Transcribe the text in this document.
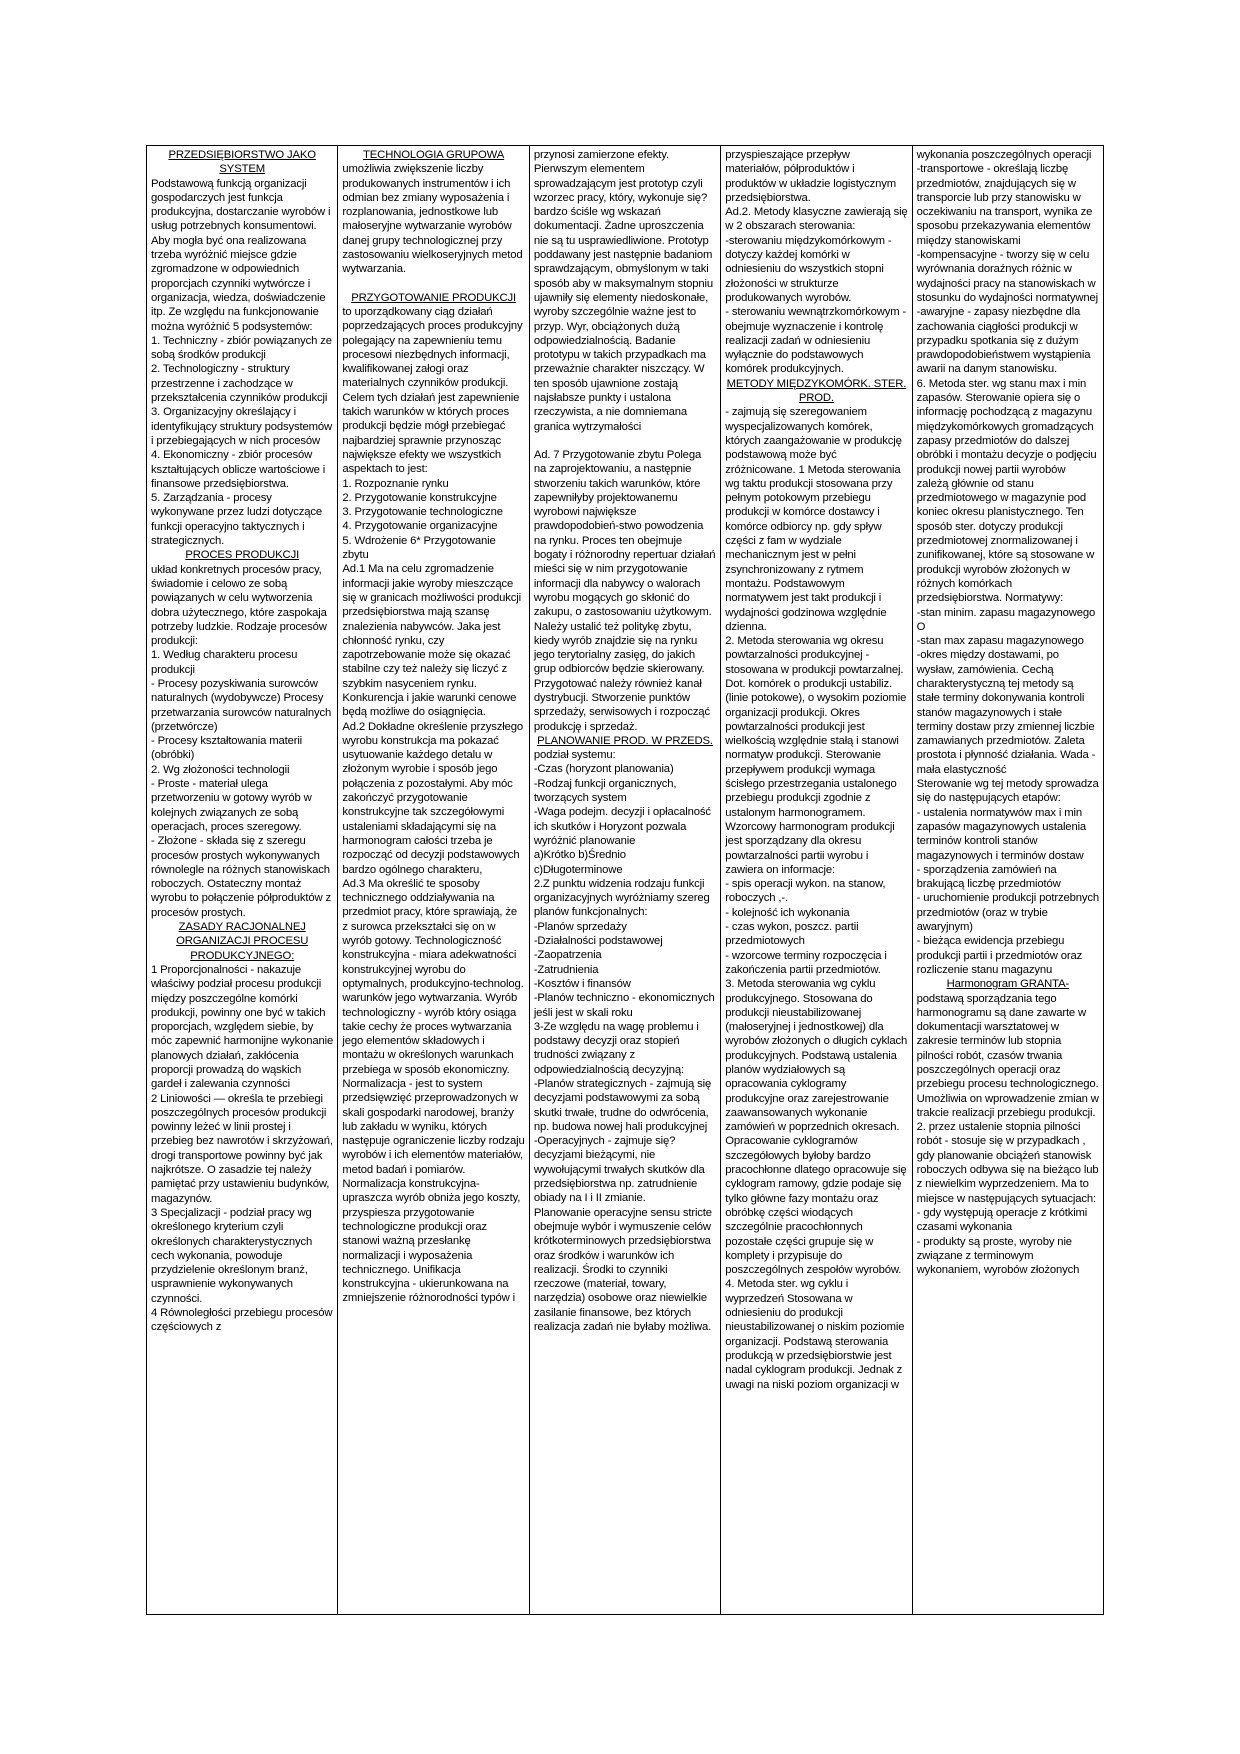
PRZEDSIĘBIORSTWO JAKO SYSTEM

Podstawową funkcją organizacji gospodarczych jest funkcja produkcyjna, dostarczanie wyrobów i usług potrzebnych konsumentowi. Aby mogła być ona realizowana trzeba wyróżnić miejsce gdzie zgromadzone w odpowiednich proporcjach czynniki wytwórcze i organizacja, wiedza, doświadczenie itp. Ze względu na funkcjonowanie można wyróżnić 5 podsystemów:

1. Techniczny - zbiór powiązanych ze sobą środków produkcji

2. Technologiczny - struktury przestrzenne i zachodzące w przekształcenia czynników produkcji

3. Organizacyjny określający i identyfikujący struktury podsystemów i przebiegających w nich procesów

4. Ekonomiczny - zbiór procesów kształtujących oblicze wartościowe i finansowe przedsiębiorstwa.

5. Zarządzania - procesy wykonywane przez ludzi dotyczące funkcji operacyjno taktycznych i strategicznych.

PROCES PRODUKCJI

układ konkretnych procesów pracy, świadomie i celowo ze sobą powiązanych w celu wytworzenia dobra użytecznego, które zaspokaja potrzeby ludzkie. Rodzaje procesów produkcji:

1. Według charakteru procesu produkcji

- Procesy pozyskiwania surowców naturalnych (wydobywcze) Procesy przetwarzania surowców naturalnych (przetwórcze)

- Procesy kształtowania materii (obróbki)

2. Wg złożoności technologii

- Proste - materiał ulega przetworzeniu w gotowy wyrób w kolejnych związanych ze sobą operacjach, proces szeregowy.

- Złożone - składa się z szeregu procesów prostych wykonywanych równolegle na różnych stanowiskach roboczych. Ostateczny montaż wyrobu to połączenie półproduktów z procesów prostych.

ZASADY RACJONALNEJ ORGANIZACJI PROCESU PRODUKCYJNEGO:

1 Proporcjonalności - nakazuje właściwy podział procesu produkcji między poszczególne komórki produkcji, powinny one być w takich proporcjach, względem siebie, by móc zapewnić harmonijne wykonanie planowych działań, zakłócenia proporcji prowadzą do wąskich gardeł i zalewania czynności

2 Liniowości — określa te przebiegi poszczególnych procesów produkcji powinny leżeć w linii prostej i przebieg bez nawrotów i skrzyżowań, drogi transportowe powinny być jak najkrótsze. O zasadzie tej należy pamiętać przy ustawieniu budynków, magazynów.

3 Specjalizacji - podział pracy wg określonego kryterium czyli określonych charakterystycznych cech wykonania, powoduje przydzielenie określonym branż, usprawnienie wykonywanych czynności.

4 Równoległości przebiegu procesów częściowych z

TECHNOLOGIA GRUPOWA

umożliwia zwiększenie liczby produkowanych instrumentów i ich odmian bez zmiany wyposażenia i rozplanowania, jednostkowe lub małoseryjne wytwarzanie wyrobów danej grupy technologicznej przy zastosowaniu wielkoseryjnych metod wytwarzania.

PRZYGOTOWANIE PRODUKCJI

to uporządkowany ciąg działań poprzedzających proces produkcyjny polegający na zapewnieniu temu procesowi niezbędnych informacji, kwalifikowanej załogi oraz materialnych czynników produkcji. Celem tych działań jest zapewnienie takich warunków w których proces produkcji będzie mógł przebiegać najbardziej sprawnie przynosząc największe efekty we wszystkich aspektach to jest:

1. Rozpoznanie rynku

2. Przygotowanie konstrukcyjne

3. Przygotowanie technologiczne

4. Przygotowanie organizacyjne

5. Wdrożenie 6* Przygotowanie zbytu

Ad.1 Ma na celu zgromadzenie informacji jakie wyroby mieszczące się w granicach możliwości produkcji przedsiębiorstwa mają szansę znalezienia nabywców. Jaka jest chłonność rynku, czy zapotrzebowanie może się okazać stabilne czy też należy się liczyć z szybkim nasyceniem rynku. Konkurencja i jakie warunki cenowe będą możliwe do osiągnięcia.

Ad.2 Dokładne określenie przyszłego wyrobu konstrukcja ma pokazać usytuowanie każdego detalu w złożonym wyrobie i sposób jego połączenia z pozostałymi. Aby móc zakończyć przygotowanie konstrukcyjne tak szczegółowymi ustaleniami składającymi się na harmonogram całości trzeba je rozpocząć od decyzji podstawowych bardzo ogólnego charakteru,

Ad.3 Ma określić te sposoby technicznego oddziaływania na przedmiot pracy, które sprawiają, że z surowca przekształci się on w wyrób gotowy. Technologiczność konstrukcyjna - miara adekwatności konstrukcyjnej wyrobu do optymalnych, produkcyjno-technolog. warunków jego wytwarzania. Wyrób technologiczny - wyrób który osiąga takie cechy że proces wytwarzania jego elementów składowych i montażu w określonych warunkach przebiega w sposób ekonomiczny. Normalizacja - jest to system przedsięwzięć przeprowadzonych w skali gospodarki narodowej, branży lub zakładu w wyniku, których następuje ograniczenie liczby rodzaju wyrobów i ich elementów materiałów, metod badań i pomiarów. Normalizacja konstrukcyjna- upraszcza wyrób obniża jego koszty, przyspiesza przygotowanie technologiczne produkcji oraz stanowi ważną przesłankę normalizacji i wyposażenia technicznego. Unifikacja konstrukcyjna - ukierunkowana na zmniejszenie różnorodności typów i

przynosi zamierzone efekty. Pierwszym elementem sprowadzającym jest prototyp czyli wzorzec pracy, który, wykonuje się? bardzo ściśle wg wskazań dokumentacji. Żadne uproszczenia nie są tu usprawiedliwione. Prototyp poddawany jest następnie badaniom sprawdzającym, obmyślonym w taki sposób aby w maksymalnym stopniu ujawniły się elementy niedoskonałe, wyroby szczególnie ważne jest to przyp. Wyr, obciążonych dużą odpowiedzialnością. Badanie prototypu w takich przypadkach ma przeważnie charakter niszczący. W ten sposób ujawnione zostają najsłabsze punkty i ustalona rzeczywista, a nie domniemana granica wytrzymałości

Ad. 7 Przygotowanie zbytu Polega na zaprojektowaniu, a następnie stworzeniu takich warunków, które zapewniłyby projektowanemu wyrobowi największe prawdopodobień-stwo powodzenia na rynku. Proces ten obejmuje bogaty i różnorodny repertuar działań mieści się w nim przygotowanie informacji dla nabywcy o walorach wyrobu mogących go skłonić do zakupu, o zastosowaniu użytkowym. Należy ustalić też politykę zbytu, kiedy wyrób znajdzie się na rynku jego terytorialny zasięg, do jakich grup odbiorców będzie skierowany. Przygotować należy również kanał dystrybucji. Stworzenie punktów sprzedaży, serwisowych i rozpocząć produkcję i sprzedaż.

PLANOWANIE PROD. W PRZEDS.

podział systemu:

-Czas (horyzont planowania)

-Rodzaj funkcji organicznych, tworzących system

-Waga podejm. decyzji i opłacalność ich skutków i Horyzont pozwala wyróżnić planowanie

a)Krótko b)Średnio c)Długoterminowe

2.Z punktu widzenia rodzaju funkcji organizacyjnych wyróżniamy szereg planów funkcjonalnych:

-Planów sprzedaży

-Działalności podstawowej

-Zaopatrzenia

-Zatrudnienia

-Kosztów i finansów

-Planów techniczno - ekonomicznych jeśli jest w skali roku

3-Ze względu na wagę problemu i podstawy decyzji oraz stopień trudności związany z odpowiedzialnością decyzyjną:

-Planów strategicznych - zajmują się decyzjami podstawowymi za sobą skutki trwałe, trudne do odwrócenia, np. budowa nowej hali produkcyjnej

-Operacyjnych - zajmuje się? decyzjami bieżącymi, nie wywołującymi trwałych skutków dla przedsiębiorstwa np. zatrudnienie obiady na I i II zmianie.

Planowanie operacyjne sensu stricte obejmuje wybór i wymuszenie celów krótkoterminowych przedsiębiorstwa oraz środków i warunków ich realizacji. Środki to czynniki rzeczowe (materiał, towary, narzędzia) osobowe oraz niewielkie zasilanie finansowe, bez których realizacja zadań nie byłaby możliwa.

przyspieszające przepływ materiałów, półproduktów i produktów w układzie logistycznym przedsiębiorstwa.

Ad.2. Metody klasyczne zawierają się w 2 obszarach sterowania:

-sterowaniu międzykomórkowym - dotyczy każdej komórki w odniesieniu do wszystkich stopni złożoności w strukturze produkowanych wyrobów.

- sterowaniu wewnątrzkomórkowym - obejmuje wyznaczenie i kontrolę realizacji zadań w odniesieniu wyłącznie do podstawowych komórek produkcyjnych.

METODY MIĘDZYKOMÓRK. STER. PROD.

- zajmują się szeregowaniem wyspecjalizowanych komórek, których zaangażowanie w produkcję podstawową może być zróżnicowane. 1 Metoda sterowania wg taktu produkcji stosowana przy pełnym potokowym przebiegu produkcji w komórce dostawcy i komórce odbiorcy np. gdy spływ części z fam w wydziale mechanicznym jest w pełni zsynchronizowany z rytmem montażu. Podstawowym normatywem jest takt produkcji i wydajności godzinowa względnie dzienna.

2. Metoda sterowania wg okresu powtarzalności produkcyjnej - stosowana w produkcji powtarzalnej. Dot. komórek o produkcji ustabiliz. (linie potokowe), o wysokim poziomie organizacji produkcji. Okres powtarzalności produkcji jest wielkością względnie stałą i stanowi normatyw produkcji. Sterowanie przepływem produkcji wymaga ścisłego przestrzegania ustalonego przebiegu produkcji zgodnie z ustalonym harmonogramem. Wzorcowy harmonogram produkcji jest sporządzany dla okresu powtarzalności partii wyrobu i zawiera on informacje:

- spis operacji wykon. na stanow, roboczych ,-.

- kolejność ich wykonania

- czas wykon, poszcz. partii przedmiotowych

- wzorcowe terminy rozpoczęcia i zakończenia partii przedmiotów.

3. Metoda sterowania wg cyklu produkcyjnego. Stosowana do produkcji nieustabilizowanej (małoseryjnej i jednostkowej) dla wyrobów złożonych o długich cyklach produkcyjnych. Podstawą ustalenia planów wydziałowych są opracowania cyklogramy produkcyjne oraz zarejestrowanie zaawansowanych wykonanie zamówień w poprzednich okresach. Opracowanie cyklogramów szczegółowych byłoby bardzo pracochłonne dlatego opracowuje się cyklogram ramowy, gdzie podaje się tylko główne fazy montażu oraz obróbkę części wiodących szczególnie pracochłonnych pozostałe części grupuje się w komplety i przypisuje do poszczególnych zespołów wyrobów.

4. Metoda ster. wg cyklu i wyprzedzeń Stosowana w odniesieniu do produkcji nieustabilizowanej o niskim poziomie organizacji. Podstawą sterowania produkcją w przedsiębiorstwie jest nadal cyklogram produkcji. Jednak z uwagi na niski poziom organizacji w

wykonania poszczególnych operacji

-transportowe - określają liczbę przedmiotów, znajdujących się w transporcie lub przy stanowisku w oczekiwaniu na transport, wynika ze sposobu przekazywania elementów między stanowiskami

-kompensacyjne - tworzy się w celu wyrównania doraźnych różnic w wydajności pracy na stanowiskach w stosunku do wydajności normatywnej

-awaryjne - zapasy niezbędne dla zachowania ciągłości produkcji w przypadku spotkania się z dużym prawdopodobieństwem wystąpienia awarii na danym stanowisku.

6. Metoda ster. wg stanu max i min zapasów. Sterowanie opiera się o informację pochodzącą z magazynu międzykomórkowych gromadzących zapasy przedmiotów do dalszej obróbki i montażu decyzje o podjęciu produkcji nowej partii wyrobów zależą głównie od stanu przedmiotowego w magazynie pod koniec okresu planistycznego. Ten sposób ster. dotyczy produkcji przedmiotowej znormalizowanej i zunifikowanej, które są stosowane w produkcji wyrobów złożonych w różnych komórkach przedsiębiorstwa. Normatywy:

-stan minim. zapasu magazynowego O

-stan max zapasu magazynowego

-okres między dostawami, po wysław, zamówienia. Cechą charakterystyczną tej metody są stałe terminy dokonywania kontroli stanów magazynowych i stałe terminy dostaw przy zmiennej liczbie zamawianych przedmiotów. Zaleta prostota i płynność działania. Wada - mała elastyczność

Sterowanie wg tej metody sprowadza się do następujących etapów:

- ustalenia normatywów max i min zapasów magazynowych ustalenia terminów kontroli stanów magazynowych i terminów dostaw

- sporządzenia zamówień na brakującą liczbę przedmiotów

- uruchomienie produkcji potrzebnych przedmiotów (oraz w trybie awaryjnym)

- bieżąca ewidencja przebiegu produkcji partii i przedmiotów oraz rozliczenie stanu magazynu

Harmonogram GRANTA-

podstawą sporządzania tego harmonogramu są dane zawarte w dokumentacji warsztatowej w zakresie terminów lub stopnia pilności robót, czasów trwania poszczególnych operacji oraz przebiegu procesu technologicznego. Umożliwia on wprowadzenie zmian w trakcie realizacji przebiegu produkcji.

2. przez ustalenie stopnia pilności robót - stosuje się w przypadkach , gdy planowanie obciążeń stanowisk roboczych odbywa się na bieżąco lub z niewielkim wyprzedzeniem. Ma to miejsce w następujących sytuacjach:

- gdy występują operacje z krótkimi czasami wykonania

- produkty są proste, wyroby nie związane z terminowym wykonaniem, wyrobów złożonych
